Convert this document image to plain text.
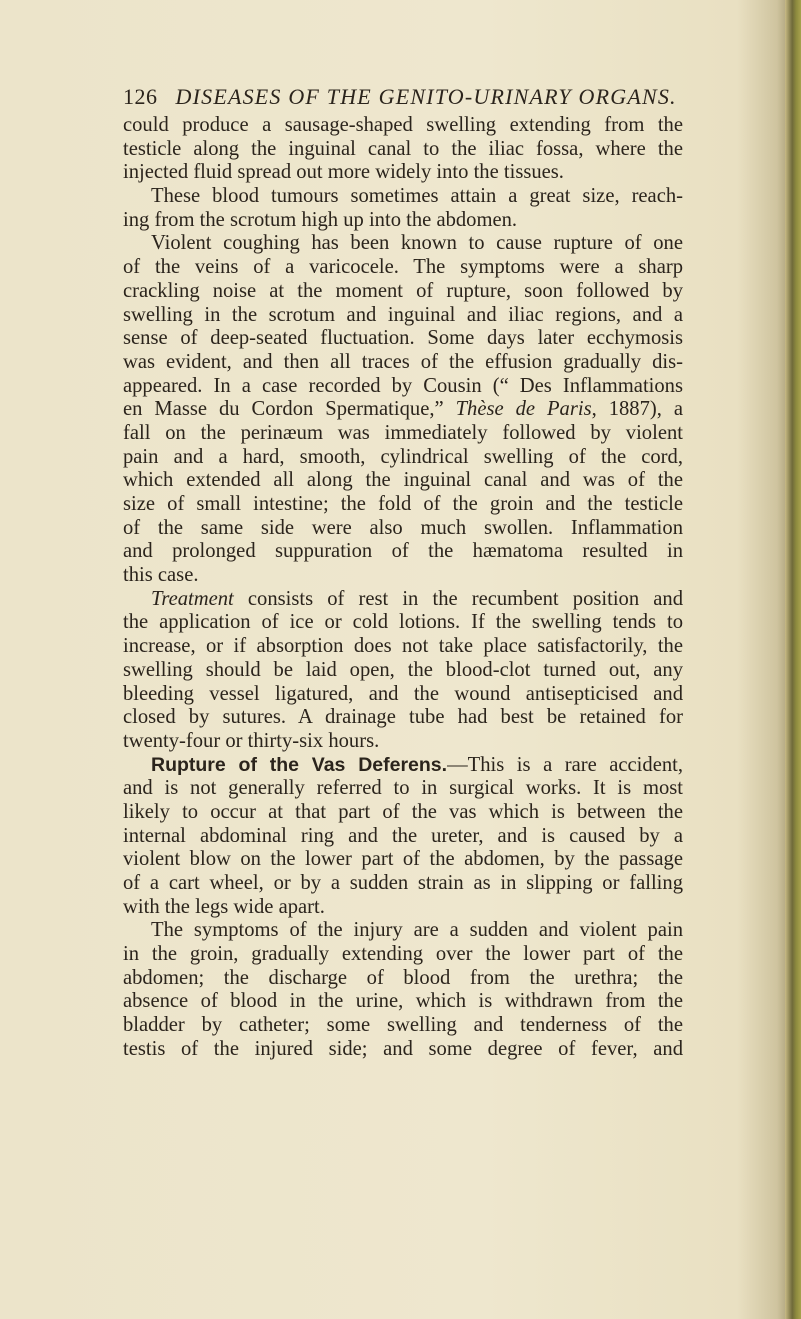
126 DISEASES OF THE GENITO-URINARY ORGANS.
could produce a sausage-shaped swelling extending from the
testicle along the inguinal canal to the iliac fossa, where the
injected fluid spread out more widely into the tissues.
These blood tumours sometimes attain a great size, reach-
ing from the scrotum high up into the abdomen.
Violent coughing has been known to cause rupture of one
of the veins of a varicocele. The symptoms were a sharp
crackling noise at the moment of rupture, soon followed by
swelling in the scrotum and inguinal and iliac regions, and a
sense of deep-seated fluctuation. Some days later ecchymosis
was evident, and then all traces of the effusion gradually dis-
appeared. In a case recorded by Cousin (“ Des Inflammations
en Masse du Cordon Spermatique,” Thèse de Paris, 1887), a
fall on the perinæum was immediately followed by violent
pain and a hard, smooth, cylindrical swelling of the cord,
which extended all along the inguinal canal and was of the
size of small intestine; the fold of the groin and the testicle
of the same side were also much swollen. Inflammation
and prolonged suppuration of the hæmatoma resulted in
this case.
Treatment consists of rest in the recumbent position and
the application of ice or cold lotions. If the swelling tends to
increase, or if absorption does not take place satisfactorily, the
swelling should be laid open, the blood-clot turned out, any
bleeding vessel ligatured, and the wound antisepticised and
closed by sutures. A drainage tube had best be retained for
twenty-four or thirty-six hours.
Rupture of the Vas Deferens.—This is a rare accident,
and is not generally referred to in surgical works. It is most
likely to occur at that part of the vas which is between the
internal abdominal ring and the ureter, and is caused by a
violent blow on the lower part of the abdomen, by the passage
of a cart wheel, or by a sudden strain as in slipping or falling
with the legs wide apart.
The symptoms of the injury are a sudden and violent pain
in the groin, gradually extending over the lower part of the
abdomen; the discharge of blood from the urethra; the
absence of blood in the urine, which is withdrawn from the
bladder by catheter; some swelling and tenderness of the
testis of the injured side; and some degree of fever, and
